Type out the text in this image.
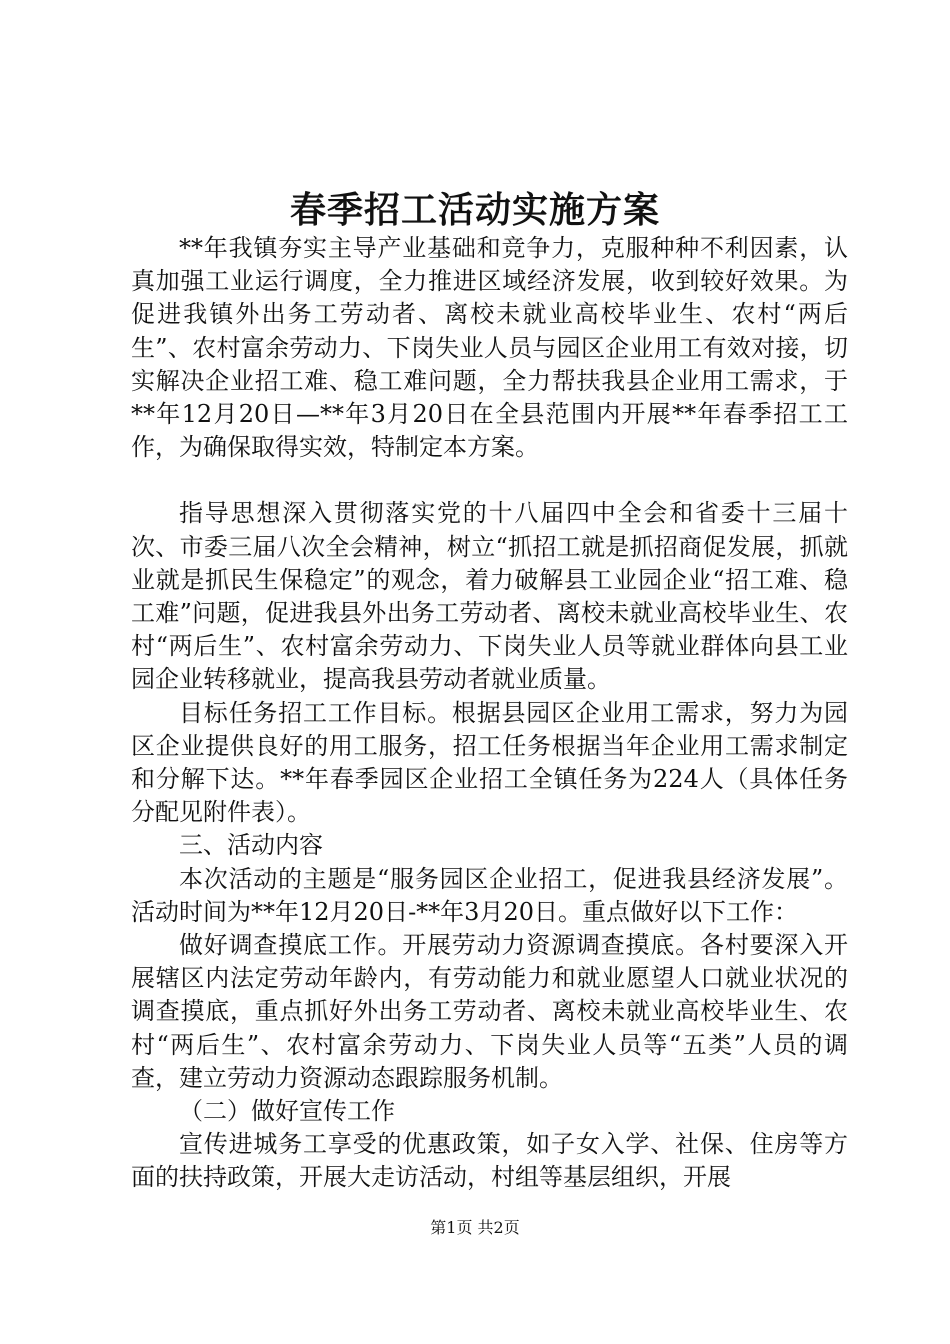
春季招工活动实施方案

**年我镇夯实主导产业基础和竞争力，克服种种不利因素，认真加强工业运行调度，全力推进区域经济发展，收到较好效果。为促进我镇外出务工劳动者、离校未就业高校毕业生、农村“两后生”、农村富余劳动力、下岗失业人员与园区企业用工有效对接，切实解决企业招工难、稳工难问题，全力帮扶我县企业用工需求，于**年12月20日—**年3月20日在全县范围内开展**年春季招工工作，为确保取得实效，特制定本方案。

指导思想深入贯彻落实党的十八届四中全会和省委十三届十次、市委三届八次全会精神，树立“抓招工就是抓招商促发展，抓就业就是抓民生保稳定”的观念，着力破解县工业园企业“招工难、稳工难”问题，促进我县外出务工劳动者、离校未就业高校毕业生、农村“两后生”、农村富余劳动力、下岗失业人员等就业群体向县工业园企业转移就业，提高我县劳动者就业质量。

目标任务招工工作目标。根据县园区企业用工需求，努力为园区企业提供良好的用工服务，招工任务根据当年企业用工需求制定和分解下达。**年春季园区企业招工全镇任务为224人（具体任务分配见附件表）。

三、活动内容

本次活动的主题是“服务园区企业招工，促进我县经济发展”。活动时间为**年12月20日-**年3月20日。重点做好以下工作：

做好调查摸底工作。开展劳动力资源调查摸底。各村要深入开展辖区内法定劳动年龄内，有劳动能力和就业愿望人口就业状况的调查摸底，重点抓好外出务工劳动者、离校未就业高校毕业生、农村“两后生”、农村富余劳动力、下岗失业人员等“五类”人员的调查，建立劳动力资源动态跟踪服务机制。

（二）做好宣传工作

宣传进城务工享受的优惠政策，如子女入学、社保、住房等方面的扶持政策，开展大走访活动，村组等基层组织，开展

第1页 共2页
